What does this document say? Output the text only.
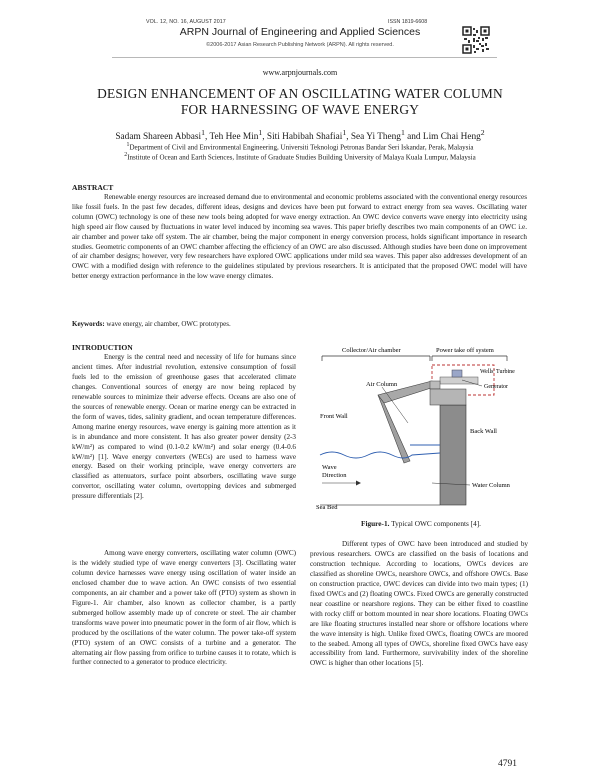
VOL. 12, NO. 16, AUGUST 2017	ISSN 1819-6608
ARPN Journal of Engineering and Applied Sciences
©2006-2017 Asian Research Publishing Network (ARPN). All rights reserved.
www.arpnjournals.com
DESIGN ENHANCEMENT OF AN OSCILLATING WATER COLUMN
FOR HARNESSING OF WAVE ENERGY
Sadam Shareen Abbasi$^1$, Teh Hee Min$^1$, Siti Habibah Shafiai$^1$, Sea Yi Theng$^1$ and Lim Chai Heng$^2$
$^1$Department of Civil and Environmental Engineering, Universiti Teknologi Petronas Bandar Seri Iskandar, Perak, Malaysia
$^2$Institute of Ocean and Earth Sciences, Institute of Graduate Studies Building University of Malaya Kuala Lumpur, Malaysia
ABSTRACT

Renewable energy resources are increased demand due to environmental and economic problems associated with the conventional energy resources like fossil fuels. In the past few decades, different ideas, designs and devices have been put forward to extract energy from sea waves. Oscillating water column (OWC) technology is one of these new tools being adopted for wave energy extraction. An OWC device converts wave energy into electricity using high speed air flow caused by fluctuations in water level induced by incoming sea waves. This paper briefly describes two main components of an OWC i.e. air chamber and power take off system. The air chamber, being the major component in energy conversion process, holds significant importance in research studies. Geometric components of an OWC chamber affecting the efficiency of an OWC are also discussed. Although studies have been done on improvement of air chamber designs; however, very few researchers have explored OWC applications under mild sea waves. This paper also addresses development of an OWC with a modified design with reference to the guidelines stipulated by previous researchers. It is anticipated that the proposed OWC model will have better energy extraction performance in the low wave energy climates.

Keywords: wave energy, air chamber, OWC prototypes.
INTRODUCTION

Energy is the central need and necessity of life for humans since ancient times. After industrial revolution, extensive consumption of fossil fuels led to the emission of greenhouse gases that accelerated climate changes. Conventional sources of energy are now being replaced by renewable sources to minimize their adverse effects. Oceans are also one of the sources of renewable energy. Ocean or marine energy can be extracted in the form of waves, tides, salinity gradient, and ocean temperature differences. Among marine energy resources, wave energy is gaining more attention as it is in abundance and more consistent. It has also greater power density (2-3 kW/m²) as compared to wind (0.1-0.2 kW/m²) and solar energy (0.4-0.6 kW/m²) [1]. Wave energy converters (WECs) are used to harness wave energy. Based on their working principle, wave energy converters are classified as attenuators, surface point absorbers, oscillating wave surge convertor, oscillating water column, overtopping devices and submerged pressure differentials [2].

Among wave energy converters, oscillating water column (OWC) is the widely studied type of wave energy converters [3]. Oscillating water column device harnesses wave energy using oscillation of water inside an enclosed chamber due to wave action. An OWC consists of two essential components, an air chamber and a power take off (PTO) system as shown in Figure-1. Air chamber, also known as collector chamber, is a partly submerged hollow assembly made up of concrete or steel. The air chamber transforms wave power into pneumatic power in the form of air flow, which is produced by the oscillations of the water column. The power take-off system (PTO) system of an OWC consists of a turbine and a generator. The alternating air flow passing from orifice to turbine causes it to rotate, which is further connected to a generator to produce electricity.

Collector/Air chamber	Power take off system
Wells' Turbine
Generator
Air Column
Front Wall
Back Wall
Wave
Direction
Water Column
Sea Bed
Figure-1. Typical OWC components [4].

Different types of OWC have been introduced and studied by previous researchers. OWCs are classified on the basis of locations and construction technique. According to locations, OWCs devices are classified as shoreline OWCs, nearshore OWCs, and offshore OWCs. Base on construction practice, OWC devices can divide into two main types; (1) fixed OWCs and (2) floating OWCs. Fixed OWCs are generally constructed near coastline or nearshore regions. They can be either fixed to coastline with rocky cliff or bottom mounted in near shore locations. Floating OWCs are like floating structures installed near shore or offshore locations where the wave intensity is high. Unlike fixed OWCs, floating OWCs are moored to the seabed. Among all types of OWCs, shoreline fixed OWCs have easy accessibility from land. Furthermore, survivability index of the shoreline OWC is higher than other locations [5].

4791
